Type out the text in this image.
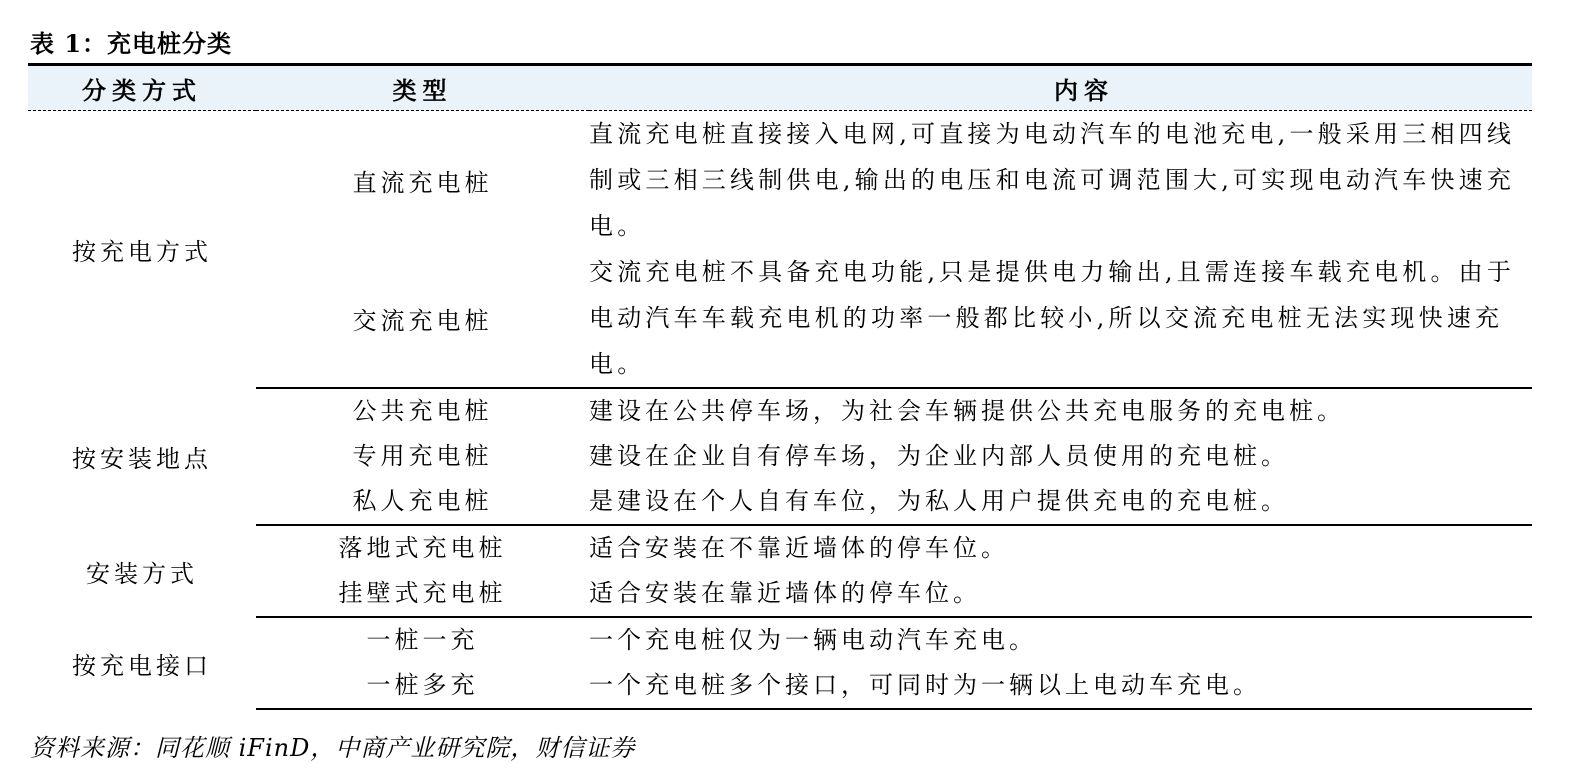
表 1：充电桩分类
分类方式	类型	内容
按充电方式	直流充电桩	直流充电桩直接接入电网,可直接为电动汽车的电池充电,一般采用三相四线制或三相三线制供电,输出的电压和电流可调范围大,可实现电动汽车快速充电。
	交流充电桩	交流充电桩不具备充电功能,只是提供电力输出,且需连接车载充电机。由于电动汽车车载充电机的功率一般都比较小,所以交流充电桩无法实现快速充电。
按安装地点	公共充电桩	建设在公共停车场，为社会车辆提供公共充电服务的充电桩。
	专用充电桩	建设在企业自有停车场，为企业内部人员使用的充电桩。
	私人充电桩	是建设在个人自有车位，为私人用户提供充电的充电桩。
安装方式	落地式充电桩	适合安装在不靠近墙体的停车位。
	挂壁式充电桩	适合安装在靠近墙体的停车位。
按充电接口	一桩一充	一个充电桩仅为一辆电动汽车充电。
	一桩多充	一个充电桩多个接口，可同时为一辆以上电动车充电。
资料来源：同花顺 iFinD，中商产业研究院，财信证券
